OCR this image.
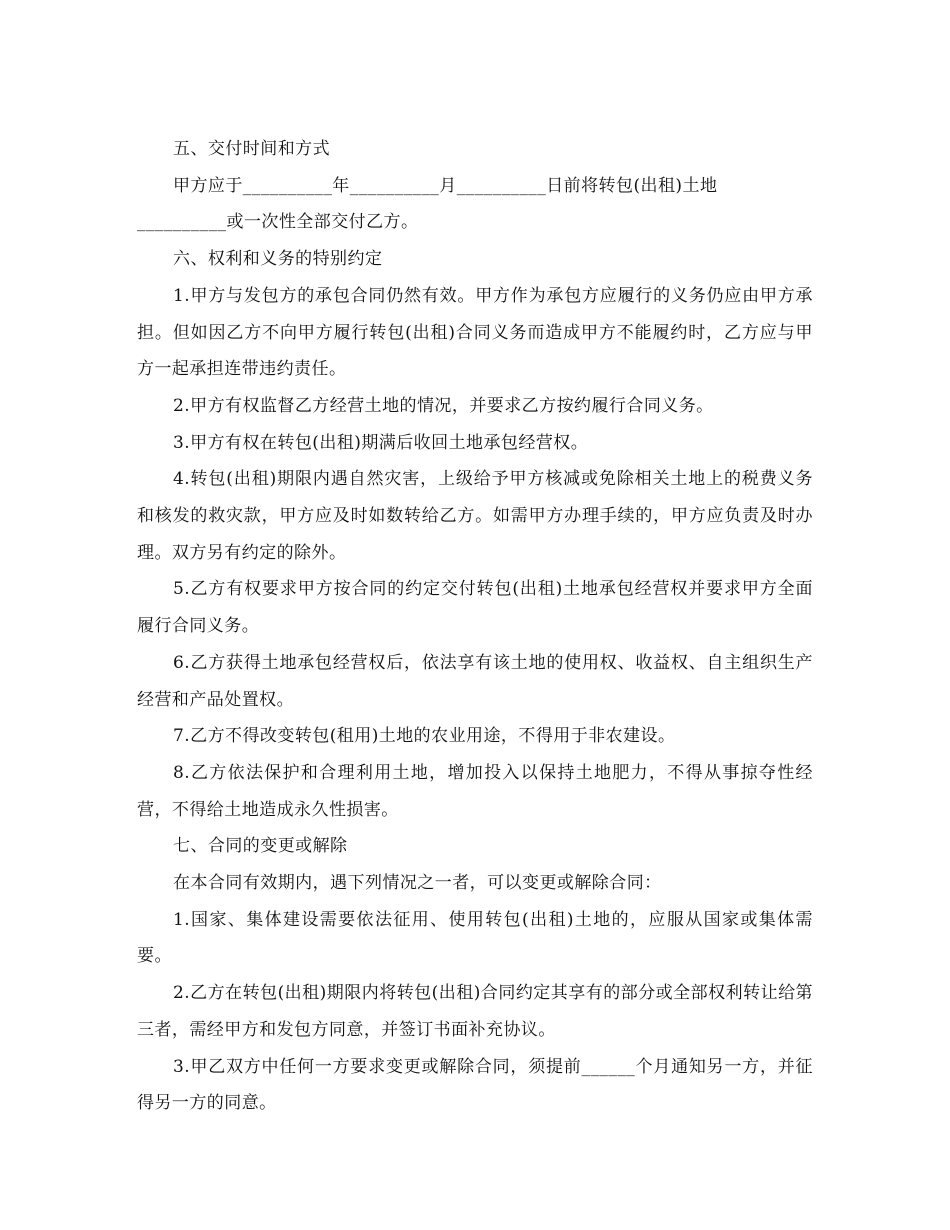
五、交付时间和方式

甲方应于__________年__________月__________日前将转包(出租)土地

__________或一次性全部交付乙方。

六、权利和义务的特别约定

1.甲方与发包方的承包合同仍然有效。甲方作为承包方应履行的义务仍应由甲方承担。但如因乙方不向甲方履行转包(出租)合同义务而造成甲方不能履约时，乙方应与甲方一起承担连带违约责任。

2.甲方有权监督乙方经营土地的情况，并要求乙方按约履行合同义务。

3.甲方有权在转包(出租)期满后收回土地承包经营权。

4.转包(出租)期限内遇自然灾害，上级给予甲方核减或免除相关土地上的税费义务和核发的救灾款，甲方应及时如数转给乙方。如需甲方办理手续的，甲方应负责及时办理。双方另有约定的除外。

5.乙方有权要求甲方按合同的约定交付转包(出租)土地承包经营权并要求甲方全面履行合同义务。

6.乙方获得土地承包经营权后，依法享有该土地的使用权、收益权、自主组织生产经营和产品处置权。

7.乙方不得改变转包(租用)土地的农业用途，不得用于非农建设。

8.乙方依法保护和合理利用土地，增加投入以保持土地肥力，不得从事掠夺性经营，不得给土地造成永久性损害。

七、合同的变更或解除

在本合同有效期内，遇下列情况之一者，可以变更或解除合同：

1.国家、集体建设需要依法征用、使用转包(出租)土地的，应服从国家或集体需要。

2.乙方在转包(出租)期限内将转包(出租)合同约定其享有的部分或全部权利转让给第三者，需经甲方和发包方同意，并签订书面补充协议。

3.甲乙双方中任何一方要求变更或解除合同，须提前______个月通知另一方，并征得另一方的同意。
